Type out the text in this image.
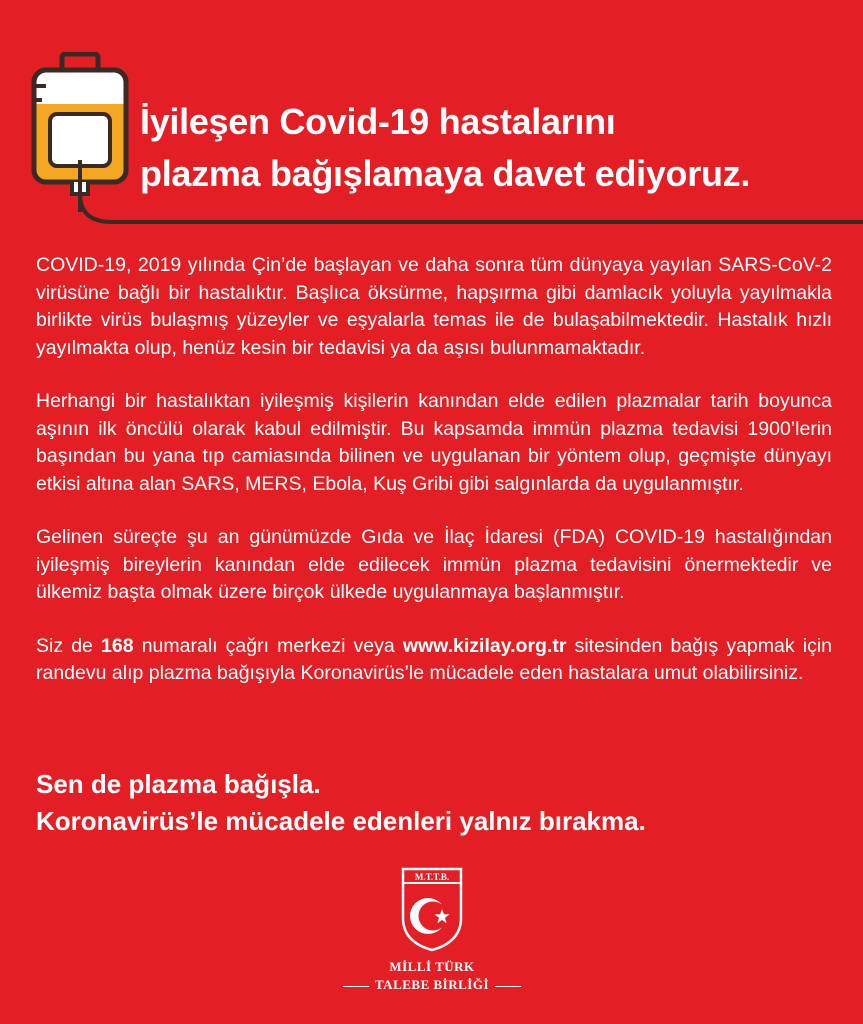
İyileşen Covid-19 hastalarını
plazma bağışlamaya davet ediyoruz.

COVID-19, 2019 yılında Çin’de başlayan ve daha sonra tüm dünyaya yayılan SARS-CoV-2 virüsüne bağlı bir hastalıktır. Başlıca öksürme, hapşırma gibi damlacık yoluyla yayılmakla birlikte virüs bulaşmış yüzeyler ve eşyalarla temas ile de bulaşabilmektedir. Hastalık hızlı yayılmakta olup, henüz kesin bir tedavisi ya da aşısı bulunmamaktadır.

Herhangi bir hastalıktan iyileşmiş kişilerin kanından elde edilen plazmalar tarih boyunca aşının ilk öncülü olarak kabul edilmiştir. Bu kapsamda immün plazma tedavisi 1900’lerin başından bu yana tıp camiasında bilinen ve uygulanan bir yöntem olup, geçmişte dünyayı etkisi altına alan SARS, MERS, Ebola, Kuş Gribi gibi salgınlarda da uygulanmıştır.

Gelinen süreçte şu an günümüzde Gıda ve İlaç İdaresi (FDA) COVID-19 hastalığından iyileşmiş bireylerin kanından elde edilecek immün plazma tedavisini önermektedir ve ülkemiz başta olmak üzere birçok ülkede uygulanmaya başlanmıştır.

Siz de 168 numaralı çağrı merkezi veya www.kizilay.org.tr sitesinden bağış yapmak için randevu alıp plazma bağışıyla Koronavirüs’le mücadele eden hastalara umut olabilirsiniz.

Sen de plazma bağışla.
Koronavirüs’le mücadele edenleri yalnız bırakma.
M.T.T.B.
MİLLİ TÜRK
TALEBE BİRLİĞİ
